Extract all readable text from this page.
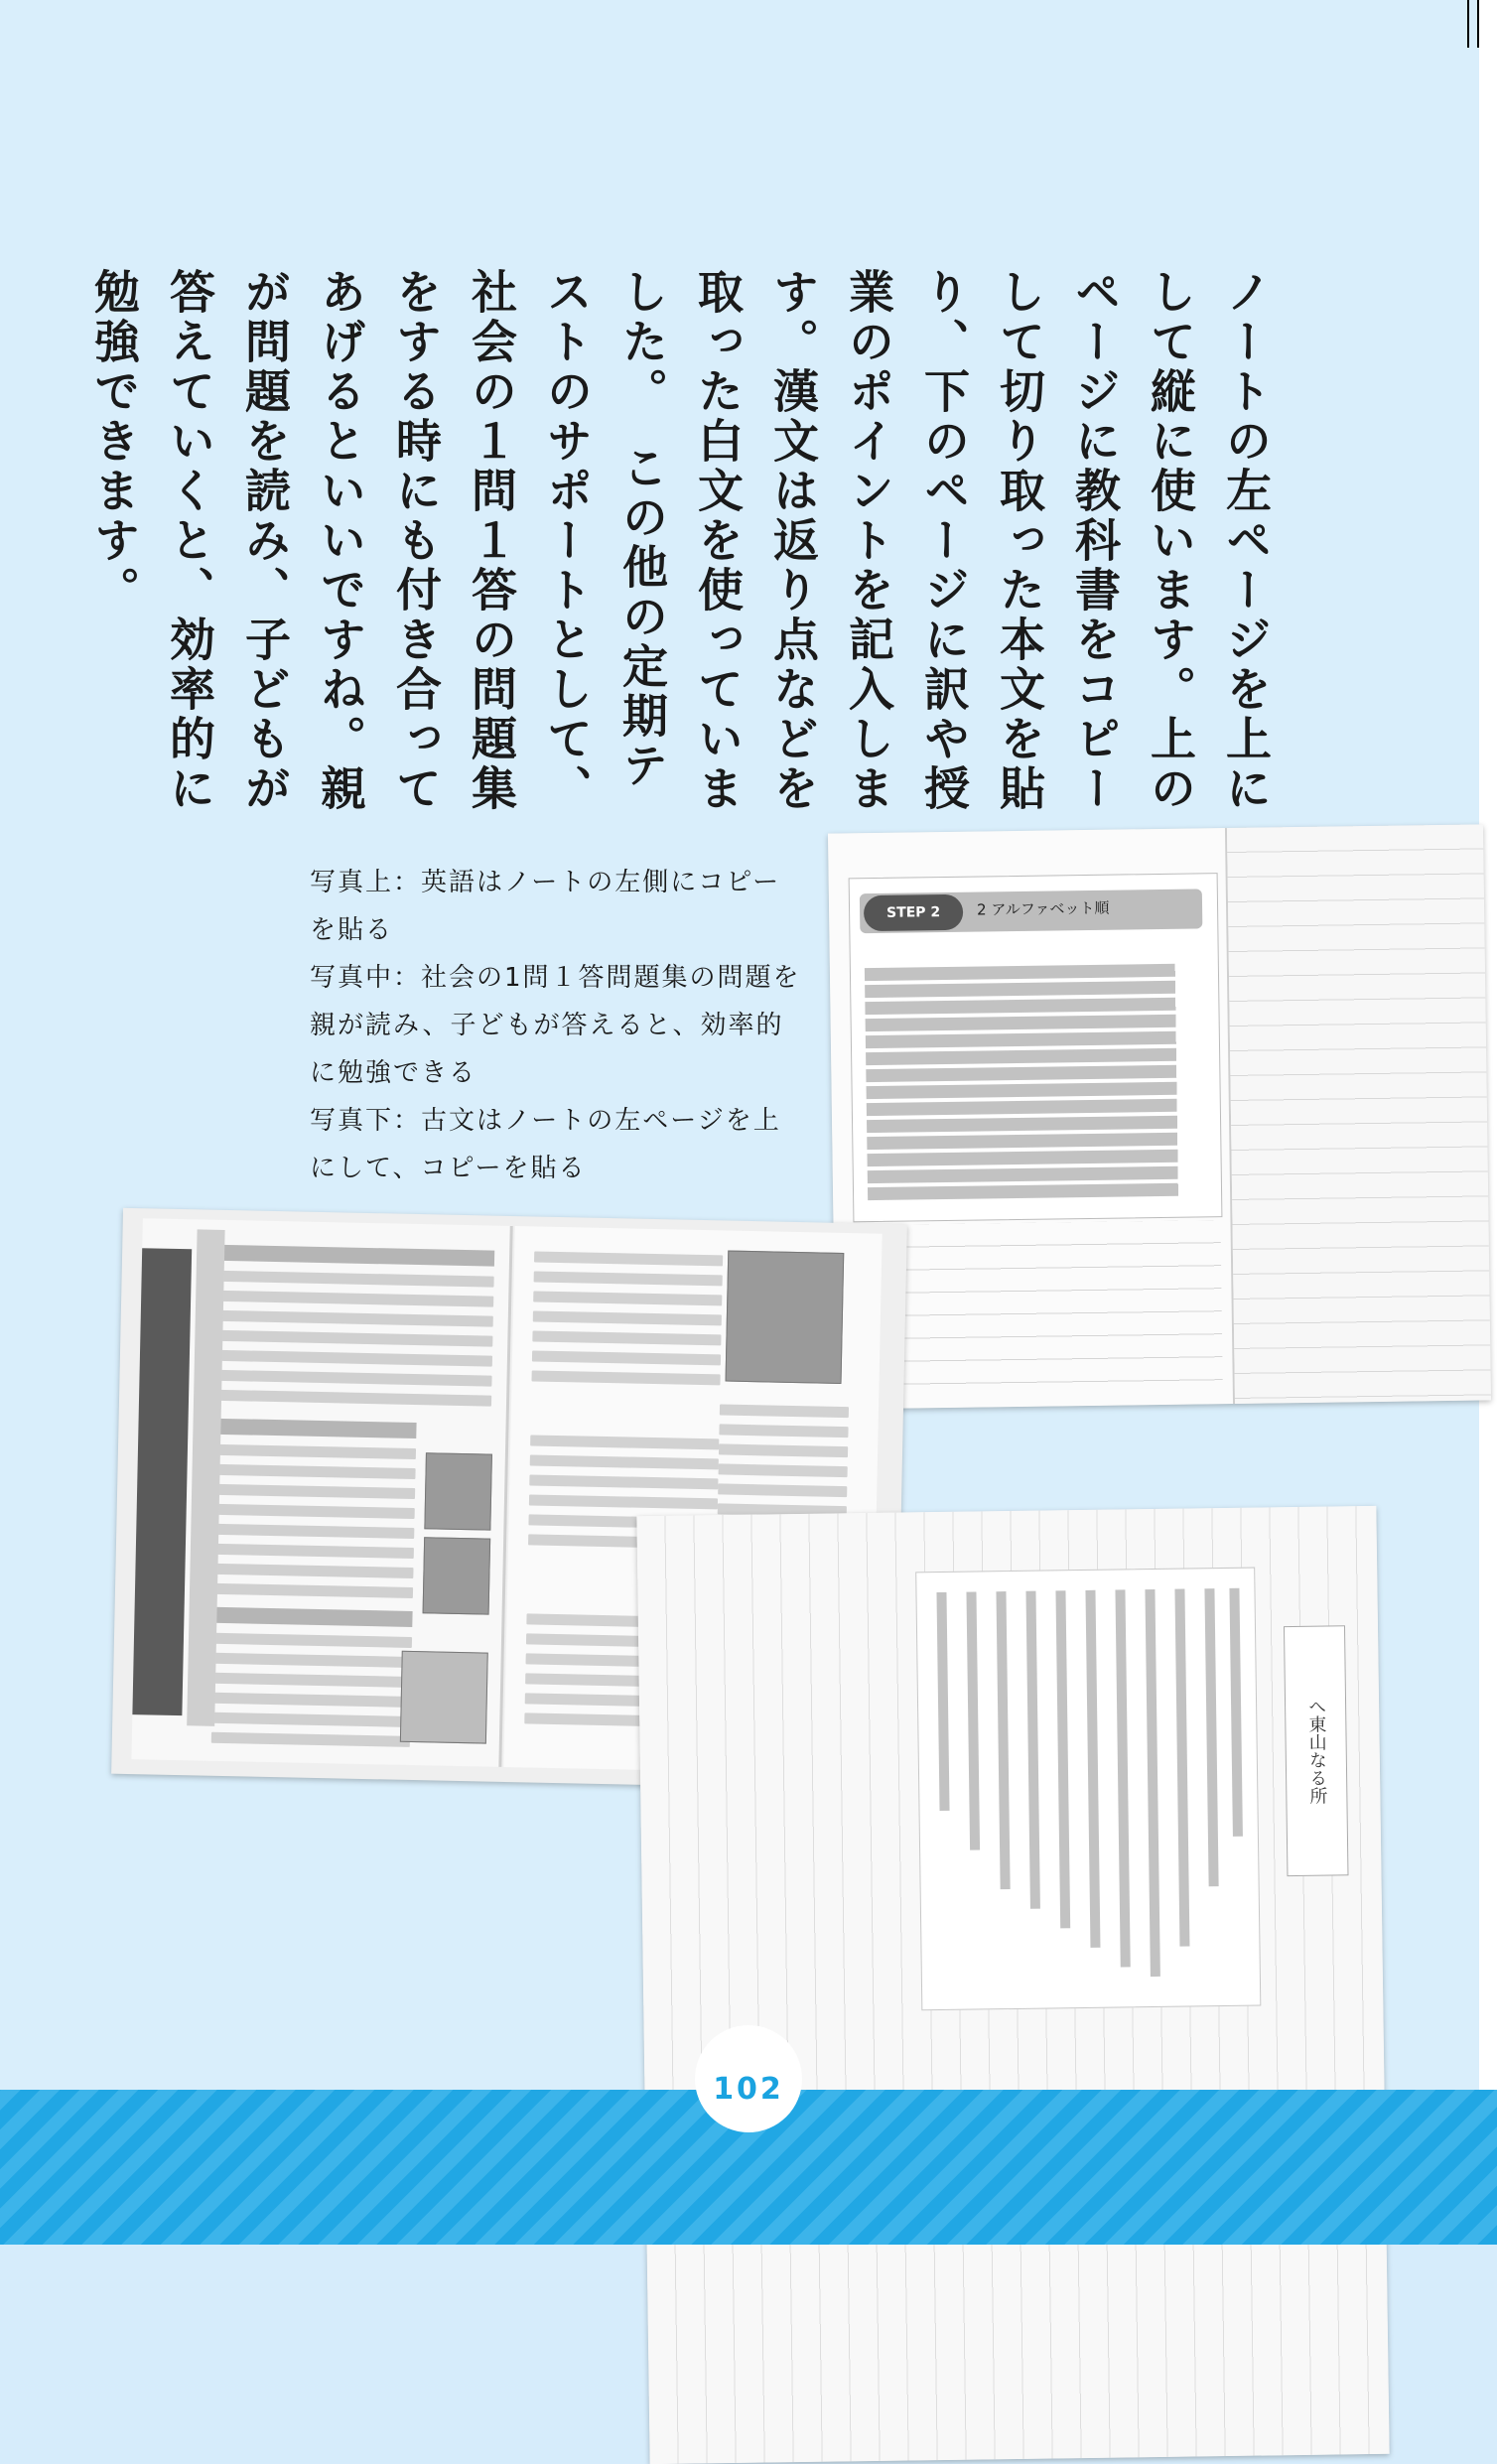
ノートの左ページを上にして縦に使います。上のページに教科書をコピーして切り取った本文を貼り、下のページに訳や授業のポイントを記入します。漢文は返り点などを取った白文を使っていました。　この他の定期テストのサポートとして、社会の１問１答の問題集をする時にも付き合ってあげるといいですね。親が問題を読み、子どもが答えていくと、効率的に勉強できます。
写真上：英語はノートの左側にコピーを貼る
写真中：社会の1問１答問題集の問題を親が読み、子どもが答えると、効率的に勉強できる
写真下：古文はノートの左ページを上にして、コピーを貼る
STEP 2	2 アルファベット順
へ東山なる所
102
